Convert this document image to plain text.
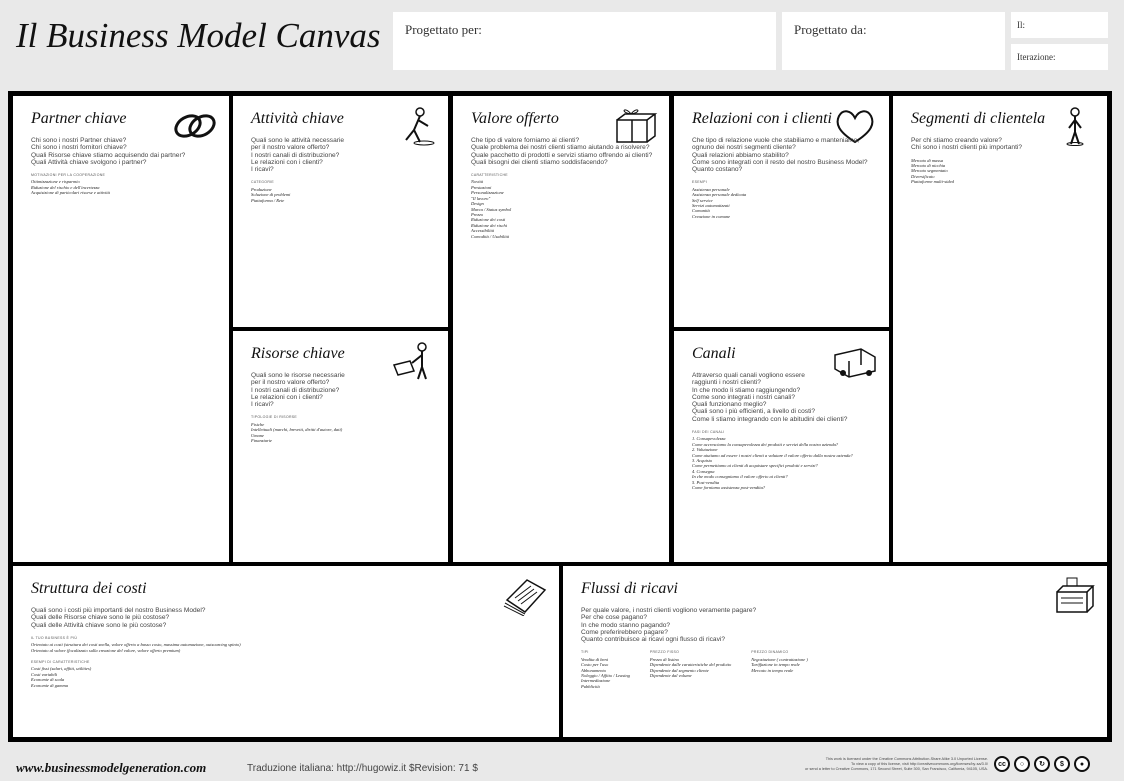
Il Business Model Canvas Progettato per:	Progettato da:	Il:
Iterazione:
Partner chiave
Chi sono i nostri Partner chiave?
Chi sono i nostri fornitori chiave?
Quali Risorse chiave stiamo acquisendo dai partner?
Quali Attività chiave svolgono i partner?
MOTIVAZIONI PER LA COOPERAZIONE
Ottimizzazione e risparmio
Riduzione del rischio e dell'incertezza
Acquisizione di particolari risorse e attività
Attività chiave
Quali sono le attività necessarie
per il nostro valore offerto?
I nostri canali di distribuzione?
Le relazioni con i clienti?
I ricavi?
CATEGORIE
Produzione
Soluzione di problemi
Piattaforma / Rete
Risorse chiave
Quali sono le risorse necessarie
per il nostro valore offerto?
I nostri canali di distribuzione?
Le relazioni con i clienti?
I ricavi?
TIPOLOGIE DI RISORSE
Fisiche
Intellettuali (marchi, brevetti, diritti d'autore, dati)
Umane
Finanziarie
Valore offerto
Che tipo di valore forniamo ai clienti?
Quale problema dei nostri clienti stiamo aiutando a risolvere?
Quale pacchetto di prodotti e servizi stiamo offrendo ai clienti?
Quali bisogni dei clienti stiamo soddisfacendo?
CARATTERISTICHE
Novità
Prestazioni
Personalizzazione
"Il lavoro"
Design
Marca / Status symbol
Prezzo
Riduzione dei costi
Riduzione dei rischi
Accessibilità
Comodità / Usabilità
Relazioni con i clienti
Che tipo di relazione vuole che stabiliamo e manteniamo,
ognuno dei nostri segmenti cliente?
Quali relazioni abbiamo stabilito?
Come sono integrati con il resto del nostro Business Model?
Quanto costano?
ESEMPI
Assistenza personale
Assistenza personale dedicata
Self service
Servizi automatizzati
Comunità
Creazione in comune
Canali
Attraverso quali canali vogliono essere
raggiunti i nostri clienti?
In che modo li stiamo raggiungendo?
Come sono integrati i nostri canali?
Quali funzionano meglio?
Quali sono i più efficienti, a livello di costi?
Come li stiamo integrando con le abitudini dei clienti?
FASI DEI CANALI
1. Consapevolezza
Come accresciamo la consapevolezza dei prodotti e servizi della nostra azienda?
2. Valutazione
Come aiutiamo ad essere i nostri clienti a valutare il valore offerto dalla nostra azienda?
3. Acquisto
Come permettiamo ai clienti di acquistare specifici prodotti e servizi?
4. Consegna
In che modo consegniamo il valore offerto ai clienti?
5. Post-vendita
Come forniamo assistenza post-vendita?
Segmenti di clientela
Per chi stiamo creando valore?
Chi sono i nostri clienti più importanti?
Mercato di massa
Mercato di nicchia
Mercato segmentato
Diversificato
Piattaforme multi-sided
Struttura dei costi
Quali sono i costi più importanti del nostro Business Model?
Quali delle Risorse chiave sono le più costose?
Quali delle Attività chiave sono le più costose?
IL TUO BUSINESS È PIÙ
Orientato ai costi (struttura dei costi snella, valore offerto a basso costo, massima automazione, outsourcing spinto)
Orientato al valore (focalizzato sulla creazione del valore, valore offerto premium)
ESEMPI DI CARATTERISTICHE
Costi fissi (salari, affitti, utilities)
Costi variabili
Economie di scala
Economie di gamma
Flussi di ricavi
Per quale valore, i nostri clienti vogliono veramente pagare?
Per che cose pagano?
In che modo stanno pagando?
Come preferirebbero pagare?
Quanto contribuisce ai ricavi ogni flusso di ricavi?
TIPI
Vendita di beni
Costo per l'uso
Abbonamento
Noleggio / Affitto / Leasing
Intermediazione
Pubblicità
PREZZO FISSO
Prezzo di listino
Dipendente dalle caratteristiche del prodotto
Dipendente dal segmento cliente
Dipendente dal volume
PREZZO DINAMICO
Negoziazione ( contrattazione )
Tariffazione in tempo reale
Mercato in tempo reale
www.businessmodelgeneration.com	Traduzione italiana: http://hugowiz.it $Revision: 71 $
This work is licensed under the Creative Commons Attribution-Share Alike 3.0 Unported License.
To view a copy of this license, visit http://creativecommons.org/licenses/by-sa/3.0/
or send a letter to Creative Commons, 171 Second Street, Suite 300, San Francisco, California, 94105, USA.
cc	○	↻	$	●
